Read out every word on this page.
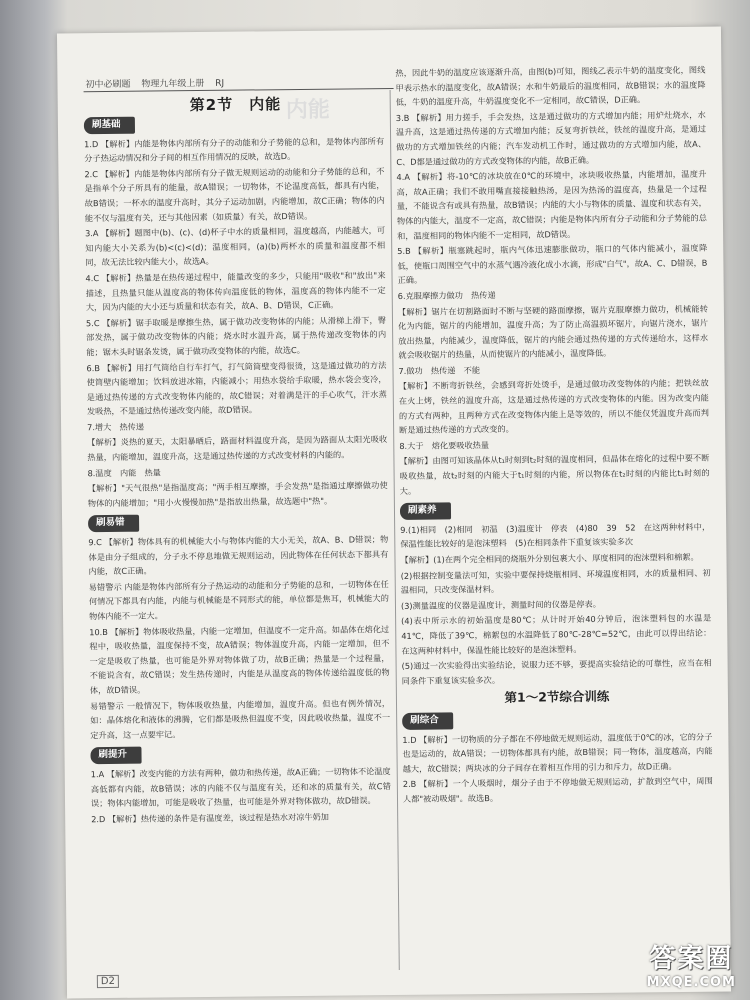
初中必刷题 物理九年级上册 RJ
第2节　内能 内能
刷基础
1.D 【解析】内能是物体内部所有分子的动能和分子势能的总和，是物体内部所有分子热运动情况和分子间的相互作用情况的反映，故选D。
2.C 【解析】内能是物体内部所有分子做无规则运动的动能和分子势能的总和，不是指单个分子所具有的能量，故A错误；一切物体，不论温度高低，都具有内能，故B错误；一杯水的温度升高时，其分子运动加剧，内能增加，故C正确；物体的内能不仅与温度有关，还与其他因素（如质量）有关，故D错误。
3.A 【解析】题图中(b)、(c)、(d)杯子中水的质量相同，温度越高，内能越大，可知内能大小关系为(b)<(c)<(d)；温度相同，(a)(b)两杯水的质量和温度都不相同，故无法比较内能大小，故选A。
4.C 【解析】热量是在热传递过程中，能量改变的多少，只能用"吸收"和"放出"来描述，且热量只能从温度高的物体传向温度低的物体，温度高的物体内能不一定大，因为内能的大小还与质量和状态有关，故A、B、D错误，C正确。
5.C 【解析】锯手取暖是摩擦生热，属于做功改变物体的内能；从滑梯上滑下，臀部发热，属于做功改变物体的内能；烧水时水温升高，属于热传递改变物体的内能；锯木头时锯条发烫，属于做功改变物体的内能，故选C。
6.B 【解析】用打气筒给自行车打气，打气筒筒壁变得很烫，这是通过做功的方法使筒壁内能增加；饮料放进冰箱，内能减小；用热水袋给手取暖，热水袋会变冷，是通过热传递的方式改变物体内能的，故C错误；对着满是汗的手心吹气，汗水蒸发吸热，不是通过热传递改变内能，故D错误。
7.增大　热传递
【解析】炎热的夏天，太阳暴晒后，路面材料温度升高，是因为路面从太阳光吸收热量，内能增加，温度升高，这是通过热传递的方式改变材料的内能的。
8.温度　内能　热量
【解析】"天气很热"是指温度高；"两手相互摩擦，手会发热"是指通过摩擦做功使物体的内能增加；"用小火慢慢加热"是指放出热量，故选题中"热"。
刷易错
9.C 【解析】物体具有的机械能大小与物体内能的大小无关，故A、B、D错误；物体是由分子组成的，分子永不停息地做无规则运动，因此物体在任何状态下都具有内能，故C正确。
易错警示 内能是物体内部所有分子热运动的动能和分子势能的总和，一切物体在任何情况下都具有内能，内能与机械能是不同形式的能，单位都是焦耳，机械能大的物体内能不一定大。
10.B 【解析】物体吸收热量，内能一定增加，但温度不一定升高。如晶体在熔化过程中，吸收热量，温度保持不变，故A错误；物体温度升高，内能一定增加，但不一定是吸收了热量，也可能是外界对物体做了功，故B正确；热量是一个过程量，不能说含有，故C错误；发生热传递时，内能是从温度高的物体传递给温度低的物体，故D错误。
易错警示 一般情况下，物体吸收热量，内能增加，温度升高。但也有例外情况，如：晶体熔化和液体的沸腾，它们都是吸热但温度不变，因此吸收热量，温度不一定升高，这一点要牢记。
刷提升
1.A 【解析】改变内能的方法有两种，做功和热传递，故A正确；一切物体不论温度高低都有内能，故B错误；冰的内能不仅与温度有关，还和冰的质量有关，故C错误；物体内能增加，可能是吸收了热量，也可能是外界对物体做功，故D错误。
2.D 【解析】热传递的条件是有温度差，该过程是热水对凉牛奶加
热，因此牛奶的温度应该逐渐升高，由图(b)可知，图线乙表示牛奶的温度变化，图线甲表示热水的温度变化，故A错误；水和牛奶最后的温度相同，故B错误；水的温度降低，牛奶的温度升高，牛奶温度变化不一定相同，故C错误，D正确。
3.B 【解析】用力搓手，手会发热，这是通过做功的方式增加内能；用炉灶烧水，水温升高，这是通过热传递的方式增加内能；反复弯折铁丝，铁丝的温度升高，是通过做功的方式增加铁丝的内能；汽车发动机工作时，通过做功的方式增加内能，故A、C、D都是通过做功的方式改变物体的内能，故B正确。
4.A 【解析】将-10℃的冰块放在0℃的环境中，冰块吸收热量，内能增加，温度升高，故A正确；我们不敢用嘴直接接触热汤，是因为热汤的温度高，热量是一个过程量，不能说含有或具有热量，故B错误；内能的大小与物体的质量、温度和状态有关，物体的内能大，温度不一定高，故C错误；内能是物体内所有分子动能和分子势能的总和，温度相同的物体内能不一定相同，故D错误。
5.B 【解析】瓶塞跳起时，瓶内气体迅速膨胀做功，瓶口的气体内能减小，温度降低，使瓶口周围空气中的水蒸气遇冷液化成小水滴，形成"白气"，故A、C、D错误，B正确。
6.克服摩擦力做功　热传递
【解析】锯片在切割路面时不断与坚硬的路面摩擦，锯片克服摩擦力做功，机械能转化为内能，锯片的内能增加，温度升高；为了防止高温损坏锯片，向锯片浇水，锯片放出热量，内能减少，温度降低，锯片的内能会通过热传递的方式传递给水，这样水就会吸收锯片的热量，从而使锯片的内能减小，温度降低。
7.做功　热传递　不能
【解析】不断弯折铁丝，会感到弯折处烫手，是通过做功改变物体的内能；把铁丝放在火上烤，铁丝的温度升高，这是通过热传递的方式改变物体的内能。因为改变内能的方式有两种，且两种方式在改变物体内能上是等效的，所以不能仅凭温度升高而判断是通过热传递的方式改变的。
8.大于　熔化要吸收热量
【解析】由图可知该晶体从t₁时刻到t₂时刻的温度相同，但晶体在熔化的过程中要不断吸收热量，故t₂时刻的内能大于t₁时刻的内能，所以物体在t₂时刻的内能比t₁时刻的大。
刷素养
9.(1)相同　(2)相同　初温　(3)温度计　停表　(4)80　39　52　在这两种材料中，保温性能比较好的是泡沫塑料　(5)在相同条件下重复该实验多次
【解析】(1)在两个完全相同的烧瓶外分别包裹大小、厚度相同的泡沫塑料和棉絮。
(2)根据控制变量法可知，实验中要保持烧瓶相同、环境温度相同，水的质量相同、初温相同，只改变保温材料。
(3)测量温度的仪器是温度计，测量时间的仪器是停表。
(4)表中所示水的初始温度是80℃；从计时开始40分钟后，泡沫塑料包的水温是41℃，降低了39℃，棉絮包的水温降低了80℃-28℃=52℃，由此可以得出结论：在这两种材料中，保温性能比较好的是泡沫塑料。
(5)通过一次实验得出实验结论，说服力还不够，要提高实验结论的可靠性，应当在相同条件下重复该实验多次。
第1～2节综合训练
刷综合
1.D 【解析】一切物质的分子都在不停地做无规则运动，温度低于0℃的冰，它的分子也是运动的，故A错误；一切物体都具有内能，故B错误；同一物体，温度越高，内能越大，故C错误；两块冰的分子间存在着相互作用的引力和斥力，故D正确。
2.B 【解析】一个人吸烟时，烟分子由于不停地做无规则运动，扩散到空气中，周围人都"被动吸烟"。故选B。
D2
答案圈
MXQE.COM
